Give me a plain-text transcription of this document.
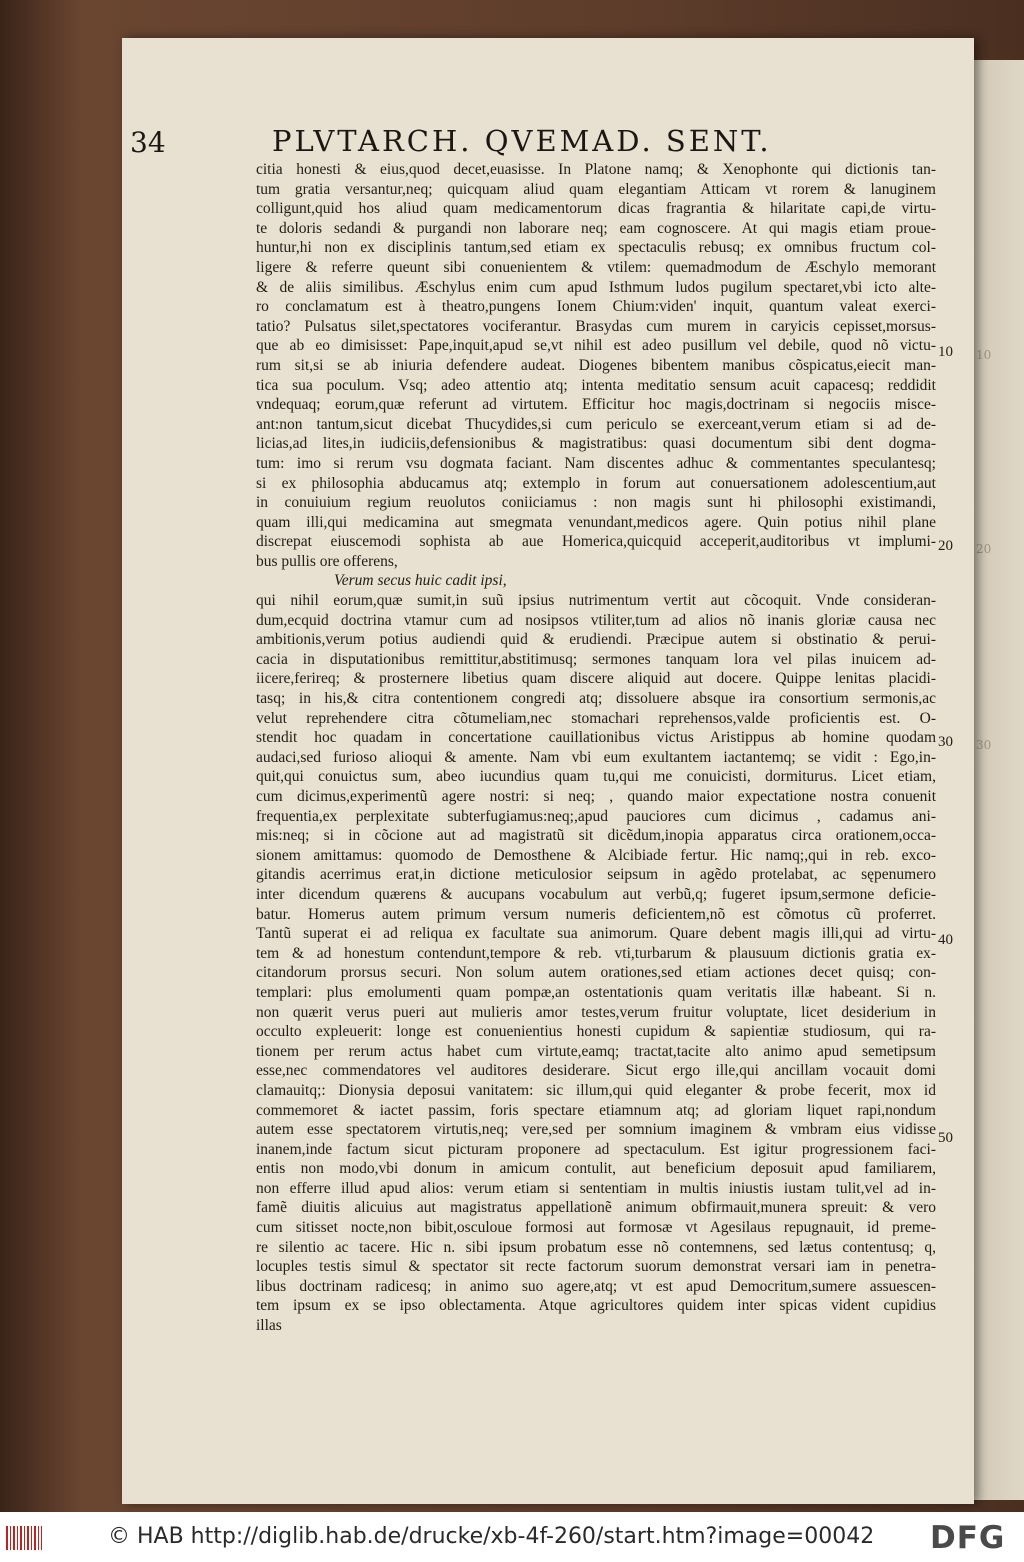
10
20
30
34	PLVTARCH. QVEMAD. SENT.
citia honesti & eius,quod decet,euasisse. In Platone namq; & Xenophonte qui dictionis tan-
tum gratia versantur,neq; quicquam aliud quam elegantiam Atticam vt rorem & lanuginem
colligunt,quid hos aliud quam medicamentorum dicas fragrantia & hilaritate capi,de virtu-
te doloris sedandi & purgandi non laborare neq; eam cognoscere. At qui magis etiam proue-
huntur,hi non ex disciplinis tantum,sed etiam ex spectaculis rebusq; ex omnibus fructum col-
ligere & referre queunt sibi conuenientem & vtilem: quemadmodum de Æschylo memorant
& de aliis similibus. Æschylus enim cum apud Isthmum ludos pugilum spectaret,vbi icto alte-
ro conclamatum est à theatro,pungens Ionem Chium:viden' inquit, quantum valeat exerci-
tatio? Pulsatus silet,spectatores vociferantur. Brasydas cum murem in caryicis cepisset,morsus-
que ab eo dimisisset: Pape,inquit,apud se,vt nihil est adeo pusillum vel debile, quod nõ victu-
rum sit,si se ab iniuria defendere audeat. Diogenes bibentem manibus cõspicatus,eiecit man-
tica sua poculum. Vsq; adeo attentio atq; intenta meditatio sensum acuit capacesq; reddidit
vndequaq; eorum,quæ referunt ad virtutem. Efficitur hoc magis,doctrinam si negociis misce-
ant:non tantum,sicut dicebat Thucydides,si cum periculo se exerceant,verum etiam si ad de-
licias,ad lites,in iudiciis,defensionibus & magistratibus: quasi documentum sibi dent dogma-
tum: imo si rerum vsu dogmata faciant. Nam discentes adhuc & commentantes speculantesq;
si ex philosophia abducamus atq; extemplo in forum aut conuersationem adolescentium,aut
in conuiuium regium reuolutos coniiciamus : non magis sunt hi philosophi existimandi,
quam illi,qui medicamina aut smegmata venundant,medicos agere. Quin potius nihil plane
discrepat eiuscemodi sophista ab aue Homerica,quicquid acceperit,auditoribus vt implumi-
bus pullis ore offerens,
Verum secus huic cadit ipsi,
qui nihil eorum,quæ sumit,in suũ ipsius nutrimentum vertit aut cõcoquit. Vnde consideran-
dum,ecquid doctrina vtamur cum ad nosipsos vtiliter,tum ad alios nõ inanis gloriæ causa nec
ambitionis,verum potius audiendi quid & erudiendi. Præcipue autem si obstinatio & perui-
cacia in disputationibus remittitur,abstitimusq; sermones tanquam lora vel pilas inuicem ad-
iicere,ferireq; & prosternere libetius quam discere aliquid aut docere. Quippe lenitas placidi-
tasq; in his,& citra contentionem congredi atq; dissoluere absque ira consortium sermonis,ac
velut reprehendere citra cõtumeliam,nec stomachari reprehensos,valde proficientis est. O-
stendit hoc quadam in concertatione cauillationibus victus Aristippus ab homine quodam
audaci,sed furioso alioqui & amente. Nam vbi eum exultantem iactantemq; se vidit : Ego,in-
quit,qui conuictus sum, abeo iucundius quam tu,qui me conuicisti, dormiturus. Licet etiam,
cum dicimus,experimentũ agere nostri: si neq; , quando maior expectatione nostra conuenit
frequentia,ex perplexitate subterfugiamus:neq;,apud pauciores cum dicimus , cadamus ani-
mis:neq; si in cõcione aut ad magistratũ sit dicẽdum,inopia apparatus circa orationem,occa-
sionem amittamus: quomodo de Demosthene & Alcibiade fertur. Hic namq;,qui in reb. exco-
gitandis acerrimus erat,in dictione meticulosior seipsum in agẽdo protelabat, ac sępenumero
inter dicendum quærens & aucupans vocabulum aut verbũ,q; fugeret ipsum,sermone deficie-
batur. Homerus autem primum versum numeris deficientem,nõ est cõmotus cũ proferret.
Tantũ superat ei ad reliqua ex facultate sua animorum. Quare debent magis illi,qui ad virtu-
tem & ad honestum contendunt,tempore & reb. vti,turbarum & plausuum dictionis gratia ex-
citandorum prorsus securi. Non solum autem orationes,sed etiam actiones decet quisq; con-
templari: plus emolumenti quam pompæ,an ostentationis quam veritatis illæ habeant. Si n.
non quærit verus pueri aut mulieris amor testes,verum fruitur voluptate, licet desiderium in
occulto expleuerit: longe est conuenientius honesti cupidum & sapientiæ studiosum, qui ra-
tionem per rerum actus habet cum virtute,eamq; tractat,tacite alto animo apud semetipsum
esse,nec commendatores vel auditores desiderare. Sicut ergo ille,qui ancillam vocauit domi
clamauitq;: Dionysia deposui vanitatem: sic illum,qui quid eleganter & probe fecerit, mox id
commemoret & iactet passim, foris spectare etiamnum atq; ad gloriam liquet rapi,nondum
autem esse spectatorem virtutis,neq; vere,sed per somnium imaginem & vmbram eius vidisse
inanem,inde factum sicut picturam proponere ad spectaculum. Est igitur progressionem faci-
entis non modo,vbi donum in amicum contulit, aut beneficium deposuit apud familiarem,
non efferre illud apud alios: verum etiam si sententiam in multis iniustis iustam tulit,vel ad in-
famẽ diuitis alicuius aut magistratus appellationẽ animum obfirmauit,munera spreuit: & vero
cum sitisset nocte,non bibit,osculoue formosi aut formosæ vt Agesilaus repugnauit, id preme-
re silentio ac tacere. Hic n. sibi ipsum probatum esse nõ contemnens, sed lætus contentusq; q,
locuples testis simul & spectator sit recte factorum suorum demonstrat versari iam in penetra-
libus doctrinam radicesq; in animo suo agere,atq; vt est apud Democritum,sumere assuescen-
tem ipsum ex se ipso oblectamenta. Atque agricultores quidem inter spicas vident cupidius
illas
10
20
30
40
50
© HAB http://diglib.hab.de/drucke/xb-4f-260/start.htm?image=00042 DFG
